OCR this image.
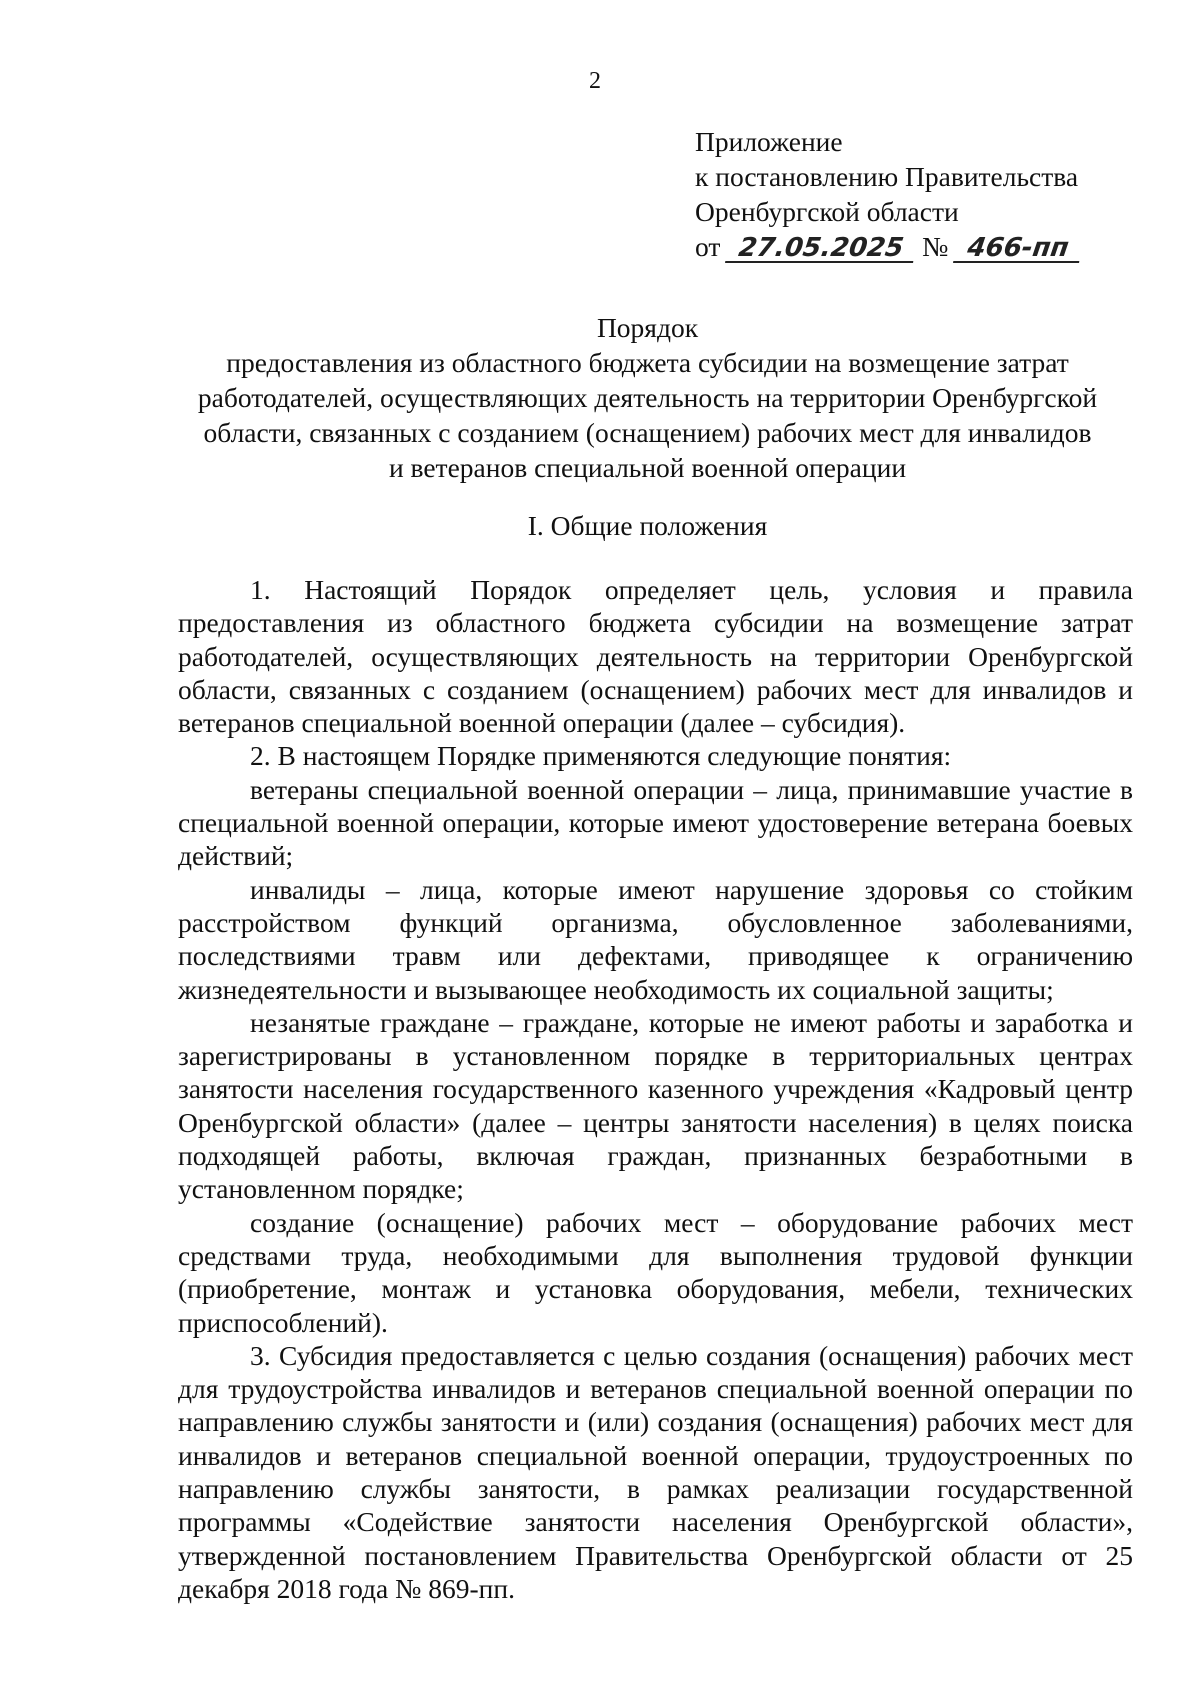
2
Приложение
к постановлению Правительства
Оренбургской области
от 27.05.2025 № 466-пп
Порядок
предоставления из областного бюджета субсидии на возмещение затрат
работодателей, осуществляющих деятельность на территории Оренбургской
области, связанных с созданием (оснащением) рабочих мест для инвалидов
и ветеранов специальной военной операции
I. Общие положения

1. Настоящий Порядок определяет цель, условия и правила предоставления из областного бюджета субсидии на возмещение затрат работодателей, осуществляющих деятельность на территории Оренбургской области, связанных с созданием (оснащением) рабочих мест для инвалидов и ветеранов специальной военной операции (далее – субсидия).

2. В настоящем Порядке применяются следующие понятия:

ветераны специальной военной операции – лица, принимавшие участие в специальной военной операции, которые имеют удостоверение ветерана боевых действий;

инвалиды – лица, которые имеют нарушение здоровья со стойким расстройством функций организма, обусловленное заболеваниями, последствиями травм или дефектами, приводящее к ограничению жизнедеятельности и вызывающее необходимость их социальной защиты;

незанятые граждане – граждане, которые не имеют работы и заработка и зарегистрированы в установленном порядке в территориальных центрах занятости населения государственного казенного учреждения «Кадровый центр Оренбургской области» (далее – центры занятости населения) в целях поиска подходящей работы, включая граждан, признанных безработными в установленном порядке;

создание (оснащение) рабочих мест – оборудование рабочих мест средствами труда, необходимыми для выполнения трудовой функции (приобретение, монтаж и установка оборудования, мебели, технических приспособлений).

3. Субсидия предоставляется с целью создания (оснащения) рабочих мест для трудоустройства инвалидов и ветеранов специальной военной операции по направлению службы занятости и (или) создания (оснащения) рабочих мест для инвалидов и ветеранов специальной военной операции, трудоустроенных по направлению службы занятости, в рамках реализации государственной программы «Содействие занятости населения Оренбургской области», утвержденной постановлением Правительства Оренбургской области от 25 декабря 2018 года № 869-пп.
